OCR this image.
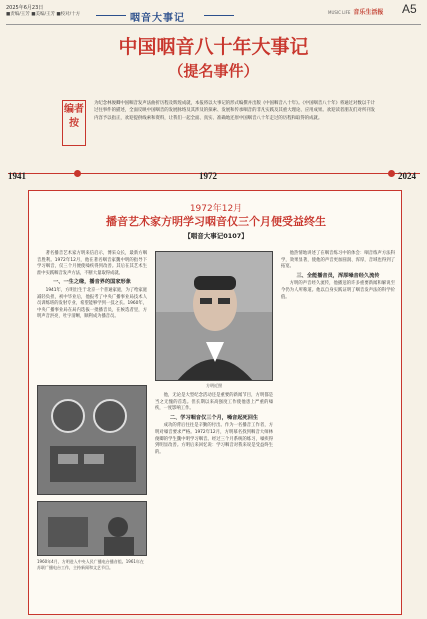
2025年6月23日
■责编/王芳 ■美编/王芳 ■校对/十方	咽音大事记
MUSIC LIFE 音乐生活报 A5
中国咽音八十年大事记
（提名事件）
编者按
为纪念林俊卿中国咽音发声法曲折历程及辉煌成就，本报将以大事记的形式编撰并出版《中国咽音八十年》。《中国咽音八十年》将通过对数以千计过往事件的描述，全面反映中国咽音的发展脉络及其涉及的探索、发展和传承咽音的非凡实践及其重大理论、应用成果。欢迎读者朋友们对所刊发内容予以指正，欢迎提供线索和资料，让我们一起全面、真实、准确地还原中国咽音八十年走过的历程和取得的成就。
1941	1972	2024
1972年12月
播音艺术家方明学习咽音仅三个月便受益终生
【咽音大事记0107】

著名播音艺术家方明来信启示，博采众长，最新方咽音胜利。1972年12月，他在著名咽音家魏中明的指导下学习咽音，仅三个月便使嗓疾得到改善。其后在其艺术生涯中实践咽音发声方法，不断大量取得成就。

一、一生之缘，播音界的国家形象

1941年，方明出生于北京一个普通家庭，为了给家庭减轻负担，初中毕业后，他报考了中央广播事业局技术人员训练班的发射专业，希望能够学到一技之长。1960年，中央广播事业局在局内选拔一批播音员，在候选者里，方明声音洪亮，吐字清晰，顺利成为播音员。

1960年4月，方明进入中央人民广播电台播音组。1961年在苏联广播电台工作，主持新闻和文艺节目。
方明近照

他，无论是大型纪念活动还是重要的新闻节目，方明都是当之无愧的首选。但长期以来高强度工作使他患上严重的嗓疾，一度影响工作。

二、学习咽音仅三个月，嗓音起死回生

成功的背后往往是辛勤的付出。作为一名播音工作者，方明对嗓音要求严格。1972年12月，方明慕名找到咽音大师林俊卿的学生魏中明学习咽音。经过三个月系统的练习，嗓疾得到明显改善。方明后来回忆说：学习咽音对我来说是受益终生的。

他热情地讲述了在咽音练习中的体会：咽音练声方法科学，效果显著，使他的声音更加圆润、浑厚，音域也得到了拓宽。

三、全能播音员，浑厚嗓音经久流传

方明的声音经久流传，他播送的许多重要新闻和解说至今仍为人所称道。他以自身实践证明了咽音发声法的科学价值。
